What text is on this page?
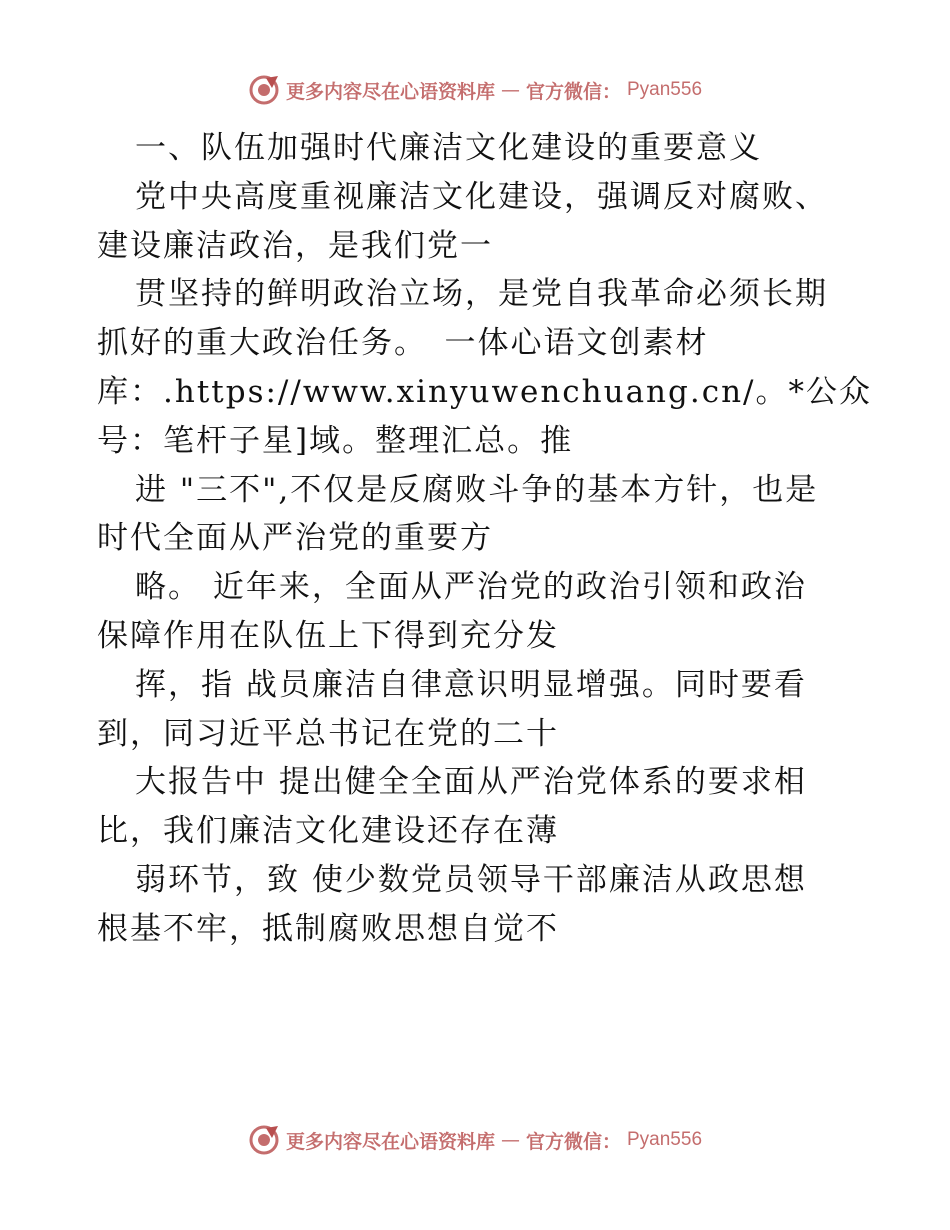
更多内容尽在心语资料库 — 官方微信： Pyan556
一、队伍加强时代廉洁文化建设的重要意义
党中央高度重视廉洁文化建设，强调反对腐败、
建设廉洁政治，是我们党一
贯坚持的鲜明政治立场，是党自我革命必须长期
抓好的重大政治任务。　一体心语文创素材
库：.https://www.xinyuwenchuang.cn/。*公众
号：笔杆子星]域。整理汇总。推
进 "三不",不仅是反腐败斗争的基本方针，也是
时代全面从严治党的重要方
略。 近年来，全面从严治党的政治引领和政治
保障作用在队伍上下得到充分发
挥，指 战员廉洁自律意识明显增强。同时要看
到，同习近平总书记在党的二十
大报告中 提出健全全面从严治党体系的要求相
比，我们廉洁文化建设还存在薄
弱环节，致 使少数党员领导干部廉洁从政思想
根基不牢，抵制腐败思想自觉不
更多内容尽在心语资料库 — 官方微信： Pyan556
